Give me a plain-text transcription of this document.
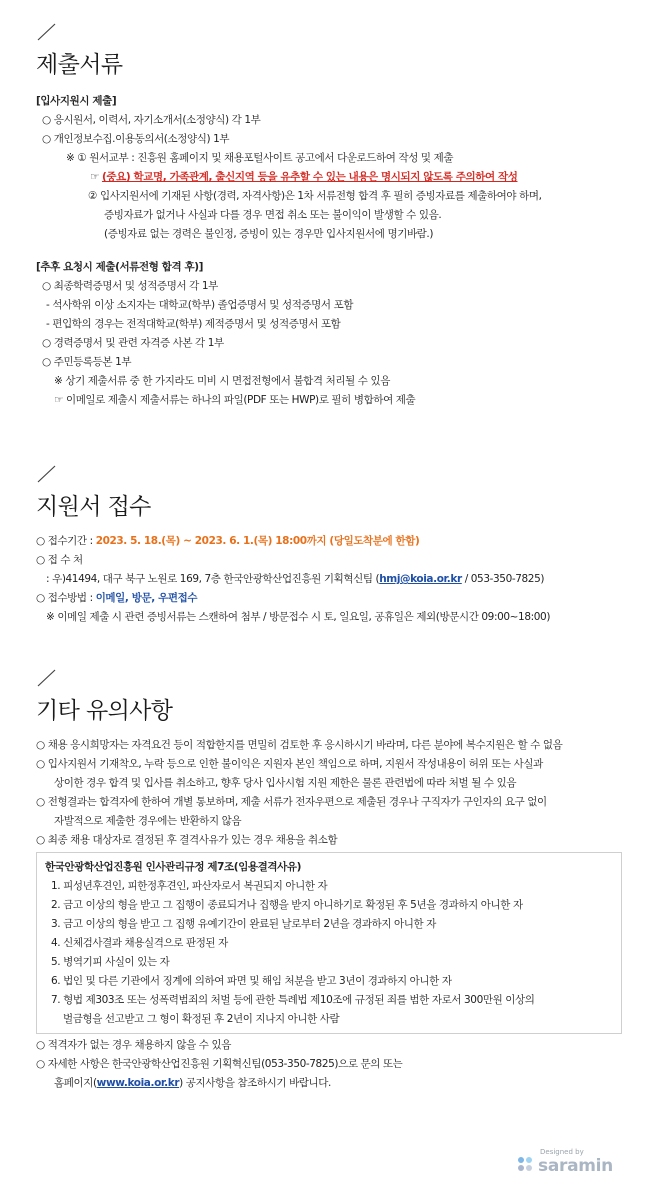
제출서류
[입사지원시 제출]
○ 응시원서, 이력서, 자기소개서(소정양식) 각 1부
○ 개인정보수집.이용동의서(소정양식) 1부
※ ① 원서교부 : 진흥원 홈페이지 및 채용포털사이트 공고에서 다운로드하여 작성 및 제출
☞ (중요) 학교명, 가족관계, 출신지역 등을 유추할 수 있는 내용은 명시되지 않도록 주의하여 작성
② 입사지원서에 기재된 사항(경력, 자격사항)은 1차 서류전형 합격 후 필히 증빙자료를 제출하여야 하며,
증빙자료가 없거나 사실과 다를 경우 면접 취소 또는 불이익이 발생할 수 있음.
(증빙자료 없는 경력은 불인정, 증빙이 있는 경우만 입사지원서에 명기바람.)
[추후 요청시 제출(서류전형 합격 후)]
○ 최종학력증명서 및 성적증명서 각 1부
- 석사학위 이상 소지자는 대학교(학부) 졸업증명서 및 성적증명서 포함
- 편입학의 경우는 전적대학교(학부) 제적증명서 및 성적증명서 포함
○ 경력증명서 및 관련 자격증 사본 각 1부
○ 주민등록등본 1부
※ 상기 제출서류 중 한 가지라도 미비 시 면접전형에서 불합격 처리될 수 있음
☞ 이메일로 제출시 제출서류는 하나의 파일(PDF 또는 HWP)로 필히 병합하여 제출
지원서 접수
○ 접수기간 : 2023. 5. 18.(목) ~ 2023. 6. 1.(목) 18:00까지 (당일도착분에 한함)
○ 접 수 처
: 우)41494, 대구 북구 노원로 169, 7층 한국안광학산업진흥원 기획혁신팀 (hmj@koia.or.kr / 053-350-7825)
○ 접수방법 : 이메일, 방문, 우편접수
※ 이메일 제출 시 관련 증빙서류는 스캔하여 첨부 / 방문접수 시 토, 일요일, 공휴일은 제외(방문시간 09:00~18:00)
기타 유의사항
○ 채용 응시희망자는 자격요건 등이 적합한지를 면밀히 검토한 후 응시하시기 바라며, 다른 분야에 복수지원은 할 수 없음
○ 입사지원서 기재착오, 누락 등으로 인한 불이익은 지원자 본인 책임으로 하며, 지원서 작성내용이 허위 또는 사실과
상이한 경우 합격 및 입사를 취소하고, 향후 당사 입사시험 지원 제한은 물론 관련법에 따라 처벌 될 수 있음
○ 전형결과는 합격자에 한하여 개별 통보하며, 제출 서류가 전자우편으로 제출된 경우나 구직자가 구인자의 요구 없이
자발적으로 제출한 경우에는 반환하지 않음
○ 최종 채용 대상자로 결정된 후 결격사유가 있는 경우 채용을 취소함
한국안광학산업진흥원 인사관리규정 제7조(임용결격사유)
1. 피성년후견인, 피한정후견인, 파산자로서 복권되지 아니한 자
2. 금고 이상의 형을 받고 그 집행이 종료되거나 집행을 받지 아니하기로 확정된 후 5년을 경과하지 아니한 자
3. 금고 이상의 형을 받고 그 집행 유예기간이 완료된 날로부터 2년을 경과하지 아니한 자
4. 신체검사결과 채용실격으로 판정된 자
5. 병역기피 사실이 있는 자
6. 법인 및 다른 기관에서 징계에 의하여 파면 및 해임 처분을 받고 3년이 경과하지 아니한 자
7. 형법 제303조 또는 성폭력범죄의 처벌 등에 관한 특례법 제10조에 규정된 죄를 범한 자로서 300만원 이상의
벌금형을 선고받고 그 형이 확정된 후 2년이 지나지 아니한 사람
○ 적격자가 없는 경우 채용하지 않을 수 있음
○ 자세한 사항은 한국안광학산업진흥원 기획혁신팀(053-350-7825)으로 문의 또는
홈페이지(www.koia.or.kr) 공지사항을 참조하시기 바랍니다.
Designed by
saramin
